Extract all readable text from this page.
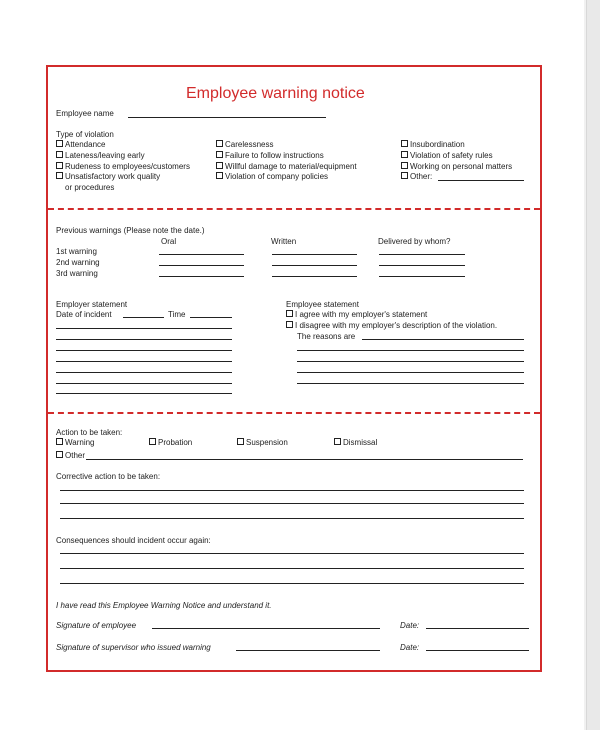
Employee warning notice
Employee name
Type of violation
Attendance
Lateness/leaving early
Rudeness to employees/customers
Unsatisfactory work quality
or procedures
Carelessness
Failure to follow instructions
Willful damage to material/equipment
Violation of company policies
Insubordination
Violation of safety rules
Working on personal matters
Other:
Previous warnings (Please note the date.)
Oral	Written	Delivered by whom?
1st warning
2nd warning
3rd warning
Employer statement
Date of incident	Time
Employee statement
I agree with my employer's statement
I disagree with my employer's description of the violation.
The reasons are
Action to be taken:
Warning	Probation	Suspension	Dismissal
Other
Corrective action to be taken:
Consequences should incident occur again:
I have read this Employee Warning Notice and understand it.
Signature of employee	Date:
Signature of supervisor who issued warning	Date:
